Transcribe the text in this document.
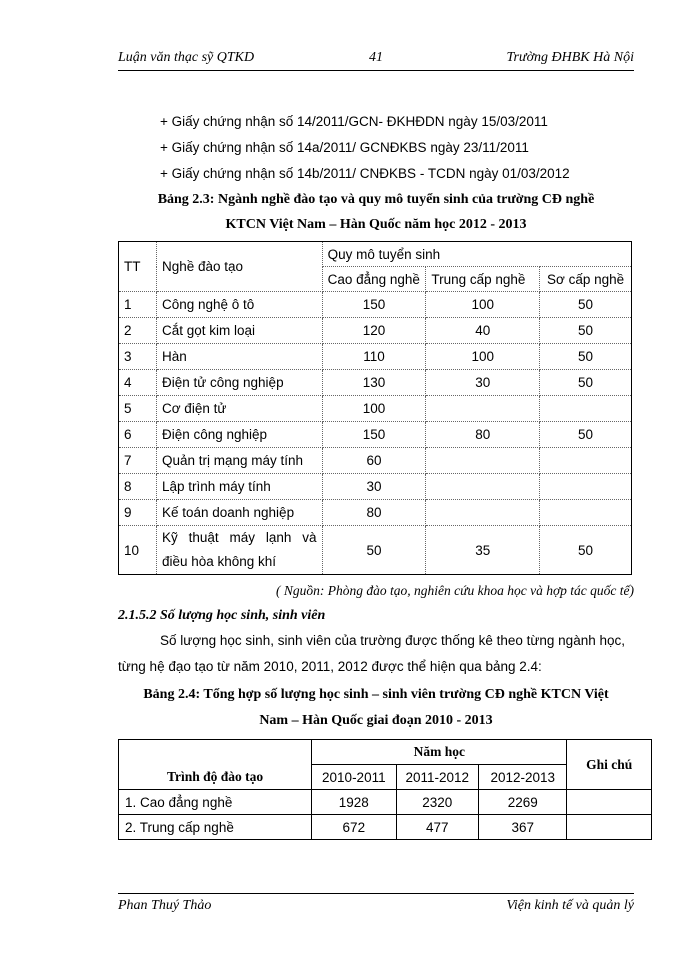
Luận văn thạc sỹ QTKD	41	Trường ĐHBK Hà Nội
+ Giấy chứng nhận số 14/2011/GCN- ĐKHĐDN ngày 15/03/2011
+ Giấy chứng nhận số 14a/2011/ GCNĐKBS ngày 23/11/2011
+ Giấy chứng nhận số 14b/2011/ CNĐKBS - TCDN ngày 01/03/2012
Bảng 2.3: Ngành nghề đào tạo và quy mô tuyển sinh của trường CĐ nghề
KTCN Việt Nam – Hàn Quốc năm học 2012 - 2013
TT	Nghề đào tạo	Quy mô tuyển sinh		
		Cao đẳng nghề	Trung cấp nghề	Sơ cấp nghề
1	Công nghệ ô tô	150	100	50
2	Cắt gọt kim loại	120	40	50
3	Hàn	110	100	50
4	Điện tử công nghiệp	130	30	50
5	Cơ điện tử	100		
6	Điện công nghiệp	150	80	50
7	Quản trị mạng máy tính	60		
8	Lập trình máy tính	30		
9	Kế toán doanh nghiệp	80		
10	Kỹ thuật máy lạnh và
điều hòa không khí	50	35	50
( Nguồn: Phòng đào tạo, nghiên cứu khoa học và hợp tác quốc tế)
2.1.5.2 Số lượng học sinh, sinh viên
Số lượng học sinh, sinh viên của trường được thống kê theo từng ngành học,
từng hệ đạo tạo từ năm 2010, 2011, 2012 được thể hiện qua bảng 2.4:
Bảng 2.4: Tổng hợp số lượng học sinh – sinh viên trường CĐ nghề KTCN Việt
Nam – Hàn Quốc giai đoạn 2010 - 2013
Trình độ đào tạo	Năm học			Ghi chú
	2010-2011	2011-2012	2012-2013	
1. Cao đẳng nghề	1928	2320	2269	
2. Trung cấp nghề	672	477	367	
Phan Thuý Thảo	Viện kinh tế và quản lý
